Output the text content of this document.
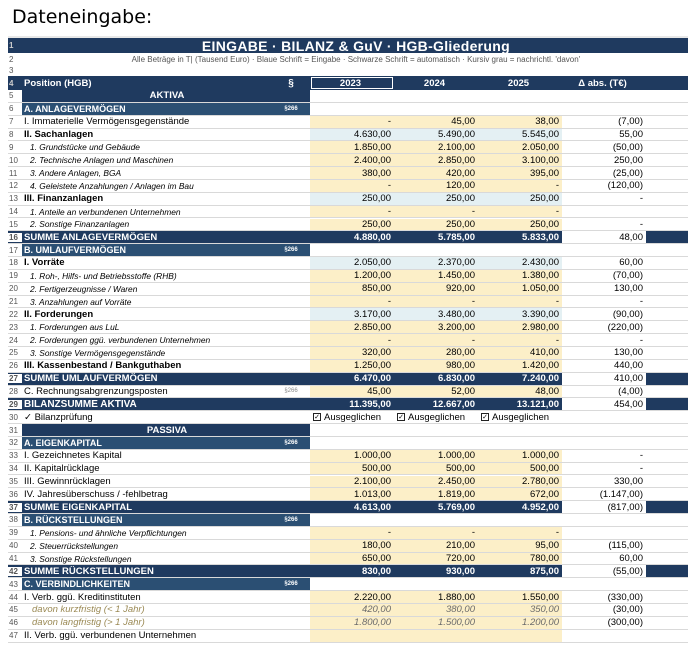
Dateneingabe:
1	EINGABE · BILANZ & GuV · HGB-Gliederung
2	Alle Beträge in T| (Tausend Euro) · Blaue Schrift = Eingabe · Schwarze Schrift = automatisch · Kursiv grau = nachrichtl. 'davon'
3
4	Position (HGB)	§	2023	2024	2025	Δ abs. (T€)
5	AKTIVA
6	A. ANLAGEVERMÖGEN	§266
7	I. Immaterielle Vermögensgegenstände	-	45,00	38,00	(7,00)
8	II. Sachanlagen	4.630,00	5.490,00	5.545,00	55,00
9	1. Grundstücke und Gebäude	1.850,00	2.100,00	2.050,00	(50,00)
10	2. Technische Anlagen und Maschinen	2.400,00	2.850,00	3.100,00	250,00
11	3. Andere Anlagen, BGA	380,00	420,00	395,00	(25,00)
12	4. Geleistete Anzahlungen / Anlagen im Bau	-	120,00	-	(120,00)
13 III. Finanzanlagen	250,00	250,00	250,00	-
14	1. Anteile an verbundenen Unternehmen	-	-	-
15	2. Sonstige Finanzanlagen	250,00	250,00	250,00	-
16 SUMME ANLAGEVERMÖGEN	4.880,00	5.785,00	5.833,00	48,00
17 B. UMLAUFVERMÖGEN	§266
18 I. Vorräte	2.050,00	2.370,00	2.430,00	60,00
19	1. Roh-, Hilfs- und Betriebsstoffe (RHB)	1.200,00	1.450,00	1.380,00	(70,00)
20	2. Fertigerzeugnisse / Waren	850,00	920,00	1.050,00	130,00
21	3. Anzahlungen auf Vorräte	-	-	-	-
22 II. Forderungen	3.170,00	3.480,00	3.390,00	(90,00)
23	1. Forderungen aus LuL	2.850,00	3.200,00	2.980,00	(220,00)
24	2. Forderungen ggü. verbundenen Unternehmen	-	-	-	-
25	3. Sonstige Vermögensgegenstände	320,00	280,00	410,00	130,00
26 III. Kassenbestand / Bankguthaben	1.250,00	980,00	1.420,00	440,00
27 SUMME UMLAUFVERMÖGEN	6.470,00	6.830,00	7.240,00	410,00
28 C. Rechnungsabgrenzungsposten	§266	45,00	52,00	48,00	(4,00)
29 BILANZSUMME AKTIVA	11.395,00	12.667,00	13.121,00	454,00
30 ✓ Bilanzprüfung	✓ Ausgeglichen ✓ Ausgeglichen ✓ Ausgeglichen
31	PASSIVA
32 A. EIGENKAPITAL	§266
33 I. Gezeichnetes Kapital	1.000,00	1.000,00	1.000,00	-
34 II. Kapitalrücklage	500,00	500,00	500,00	-
35 III. Gewinnrücklagen	2.100,00	2.450,00	2.780,00	330,00
36 IV. Jahresüberschuss / -fehlbetrag	1.013,00	1.819,00	672,00	(1.147,00)
37 SUMME EIGENKAPITAL	4.613,00	5.769,00	4.952,00	(817,00)
38 B. RÜCKSTELLUNGEN	§266
39	1. Pensions- und ähnliche Verpflichtungen	-	-	-
40	2. Steuerrückstellungen	180,00	210,00	95,00	(115,00)
41	3. Sonstige Rückstellungen	650,00	720,00	780,00	60,00
42 SUMME RÜCKSTELLUNGEN	830,00	930,00	875,00	(55,00)
43 C. VERBINDLICHKEITEN	§266
44 I. Verb. ggü. Kreditinstituten	2.220,00	1.880,00	1.550,00	(330,00)
45	davon kurzfristig (< 1 Jahr)	420,00	380,00	350,00	(30,00)
46	davon langfristig (> 1 Jahr)	1.800,00	1.500,00	1.200,00	(300,00)
47 II. Verb. ggü. verbundenen Unternehmen
